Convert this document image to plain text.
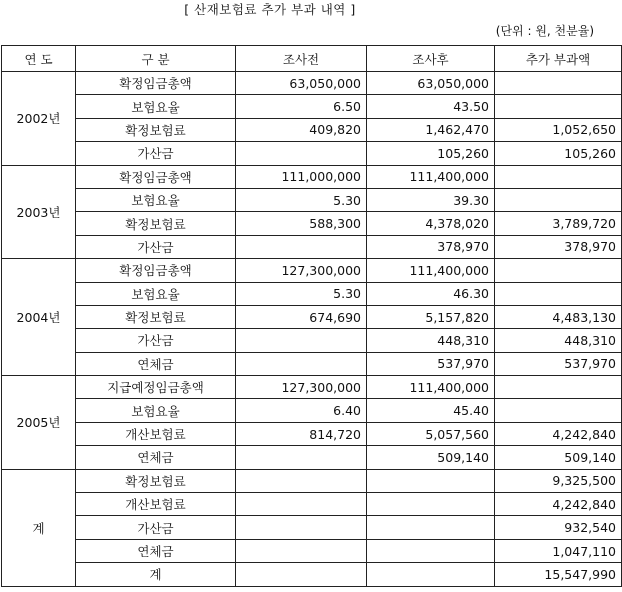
[ 산재보험료 추가 부과 내역 ]
(단위 : 원, 천분율)
연 도	구 분	조사전	조사후	추가 부과액
2002년	확정임금총액	63,050,000	63,050,000	
	보험요율	6.50	43.50	
	확정보험료	409,820	1,462,470	1,052,650
	가산금		105,260	105,260
2003년	확정임금총액	111,000,000	111,400,000	
	보험요율	5.30	39.30	
	확정보험료	588,300	4,378,020	3,789,720
	가산금		378,970	378,970
2004년	확정임금총액	127,300,000	111,400,000	
	보험요율	5.30	46.30	
	확정보험료	674,690	5,157,820	4,483,130
	가산금		448,310	448,310
	연체금		537,970	537,970
2005년	지급예정임금총액	127,300,000	111,400,000	
	보험요율	6.40	45.40	
	개산보험료	814,720	5,057,560	4,242,840
	연체금		509,140	509,140
계	확정보험료			9,325,500
	개산보험료			4,242,840
	가산금			932,540
	연체금			1,047,110
	계			15,547,990
